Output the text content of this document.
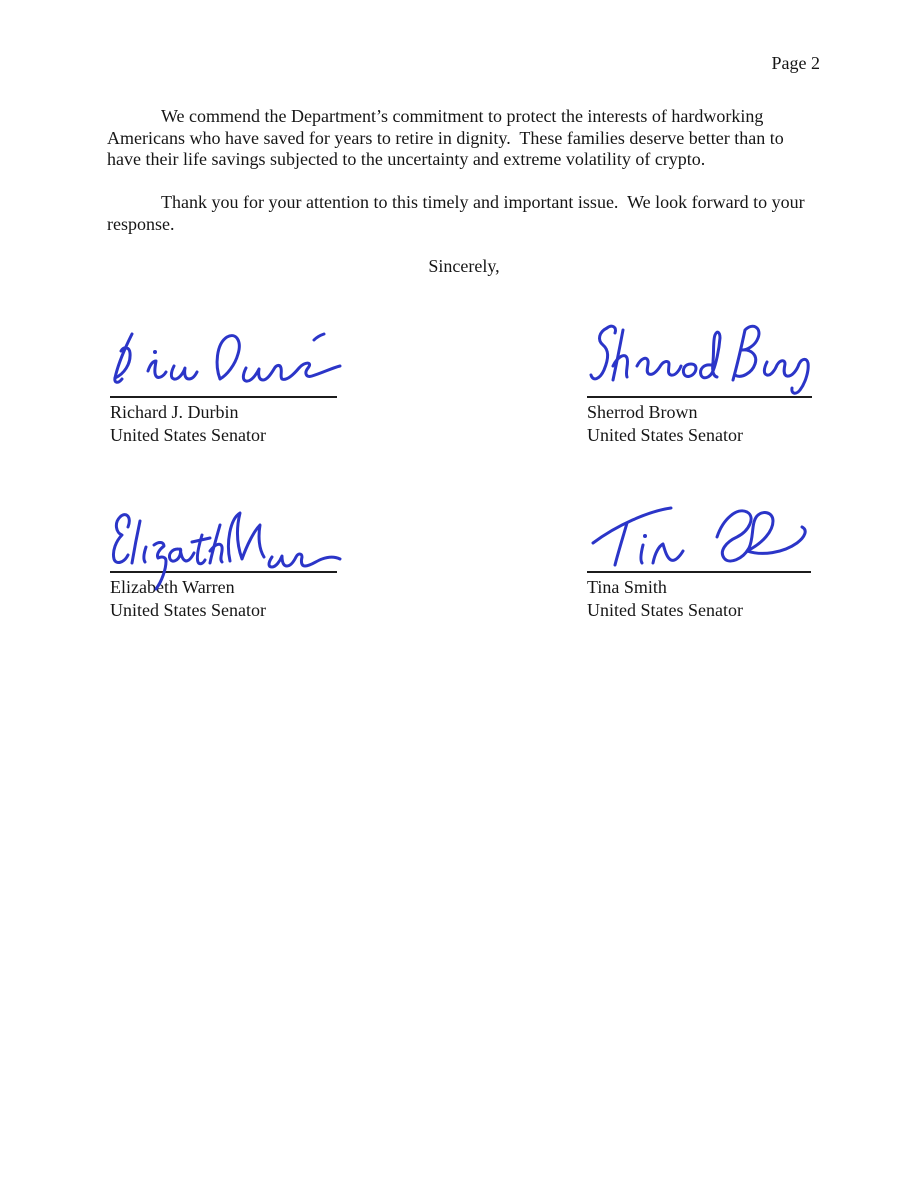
Page 2
We commend the Department’s commitment to protect the interests of hardworking
Americans who have saved for years to retire in dignity.  These families deserve better than to
have their life savings subjected to the uncertainty and extreme volatility of crypto.
Thank you for your attention to this timely and important issue.  We look forward to your
response.
Sincerely,
Richard J. Durbin
United States Senator
Sherrod Brown
United States Senator
Elizabeth Warren
United States Senator
Tina Smith
United States Senator
